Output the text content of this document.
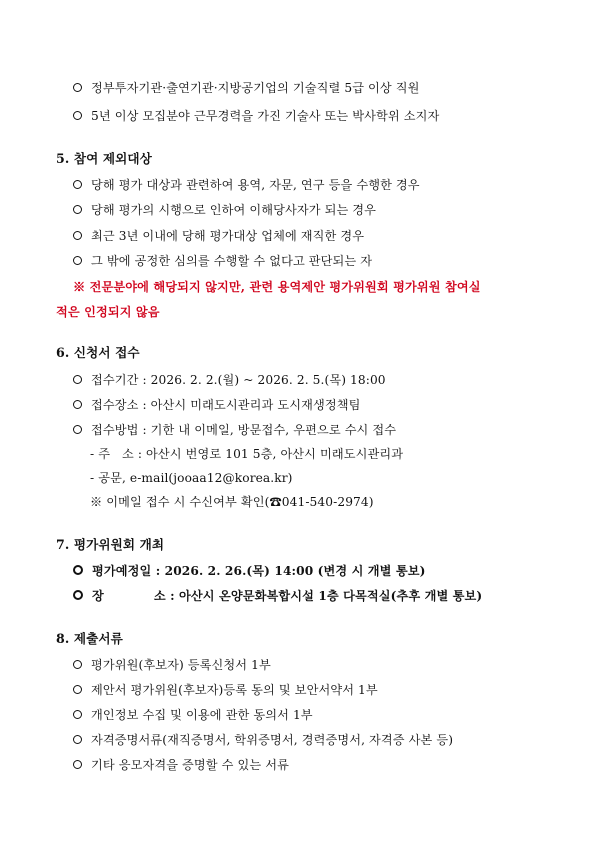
정부투자기관·출연기관·지방공기업의 기술직렬 5급 이상 직원
5년 이상 모집분야 근무경력을 가진 기술사 또는 박사학위 소지자
5. 참여 제외대상
당해 평가 대상과 관련하여 용역, 자문, 연구 등을 수행한 경우
당해 평가의 시행으로 인하여 이해당사자가 되는 경우
최근 3년 이내에 당해 평가대상 업체에 재직한 경우
그 밖에 공정한 심의를 수행할 수 없다고 판단되는 자
※ 전문분야에 해당되지 않지만, 관련 용역제안 평가위원회 평가위원 참여실
적은 인정되지 않음
6. 신청서 접수
접수기간 : 2026. 2. 2.(월) ~ 2026. 2. 5.(목) 18:00
접수장소 : 아산시 미래도시관리과 도시재생정책팀
접수방법 : 기한 내 이메일, 방문접수, 우편으로 수시 접수
- 주   소 : 아산시 번영로 101 5층, 아산시 미래도시관리과
- 공문, e-mail(jooaa12@korea.kr)
※ 이메일 접수 시 수신여부 확인(☎041-540-2974)
7. 평가위원회 개최
평가예정일 : 2026. 2. 26.(목) 14:00 (변경 시 개별 통보)
장	소 : 아산시 온양문화복합시설 1층 다목적실(추후 개별 통보)
8. 제출서류
평가위원(후보자) 등록신청서 1부
제안서 평가위원(후보자)등록 동의 및 보안서약서 1부
개인정보 수집 및 이용에 관한 동의서 1부
자격증명서류(재직증명서, 학위증명서, 경력증명서, 자격증 사본 등)
기타 응모자격을 증명할 수 있는 서류
